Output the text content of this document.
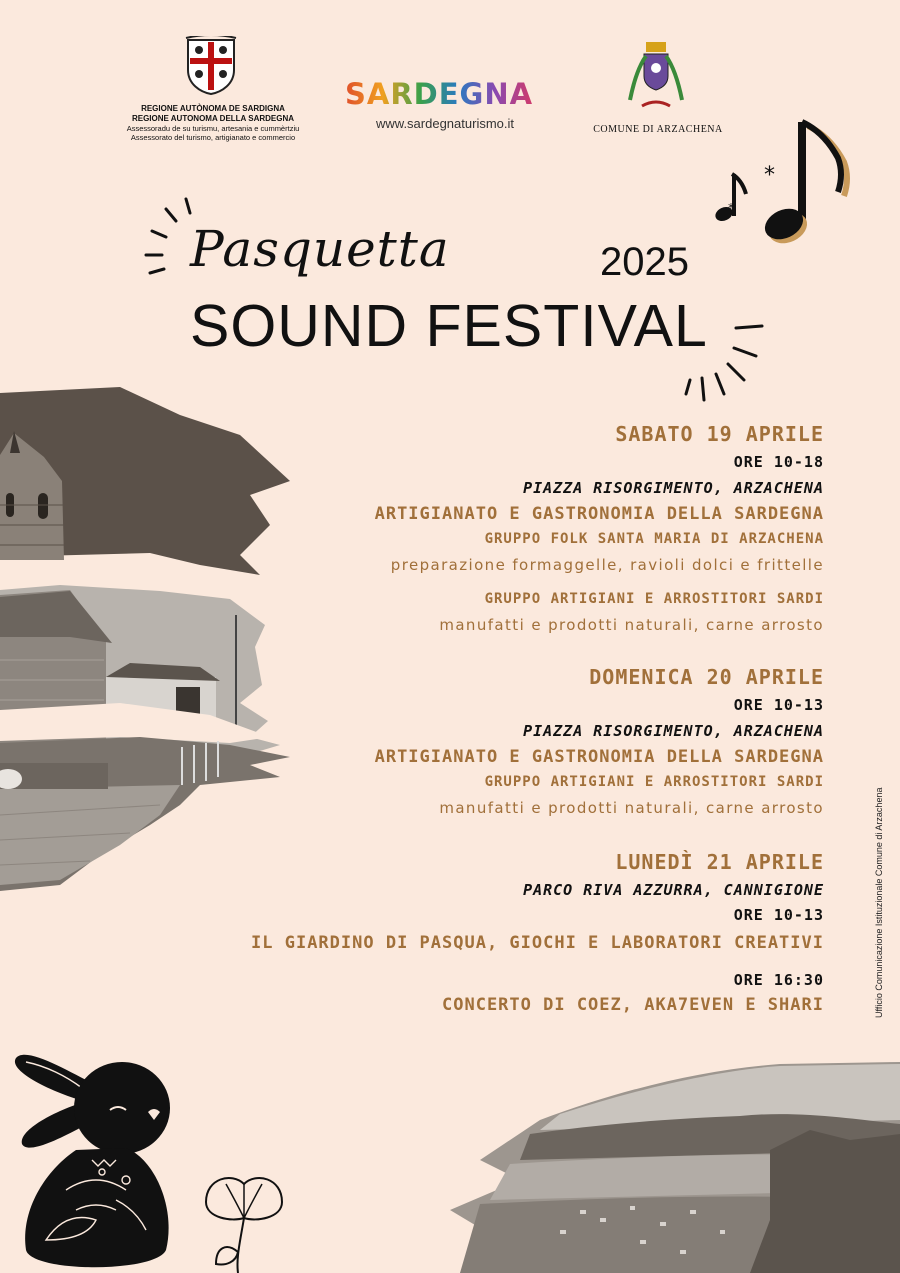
REGIONE AUTÒNOMA DE SARDIGNA
REGIONE AUTONOMA DELLA SARDEGNA
Assessoradu de su turismu, artesania e cummèrtziu
Assessorato del turismo, artigianato e commercio
SARDEGNA
www.sardegnaturismo.it	COMUNE DI ARZACHENA
*
*
Pasquetta	2025
SOUND FESTIVAL
SABATO 19 APRILE
ORE 10-18
PIAZZA RISORGIMENTO, ARZACHENA
ARTIGIANATO E GASTRONOMIA DELLA SARDEGNA
GRUPPO FOLK SANTA MARIA DI ARZACHENA
preparazione formaggelle, ravioli dolci e frittelle
GRUPPO ARTIGIANI E ARROSTITORI SARDI
manufatti e prodotti naturali, carne arrosto
DOMENICA 20 APRILE
ORE 10-13
PIAZZA RISORGIMENTO, ARZACHENA
ARTIGIANATO E GASTRONOMIA DELLA SARDEGNA
GRUPPO ARTIGIANI E ARROSTITORI SARDI
manufatti e prodotti naturali, carne arrosto
LUNEDÌ 21 APRILE
PARCO RIVA AZZURRA, CANNIGIONE
ORE 10-13
IL GIARDINO DI PASQUA, GIOCHI E LABORATORI CREATIVI
ORE 16:30
CONCERTO DI COEZ, AKA7EVEN E SHARI	Ufficio Comunicazione Istituzionale Comune di Arzachena
